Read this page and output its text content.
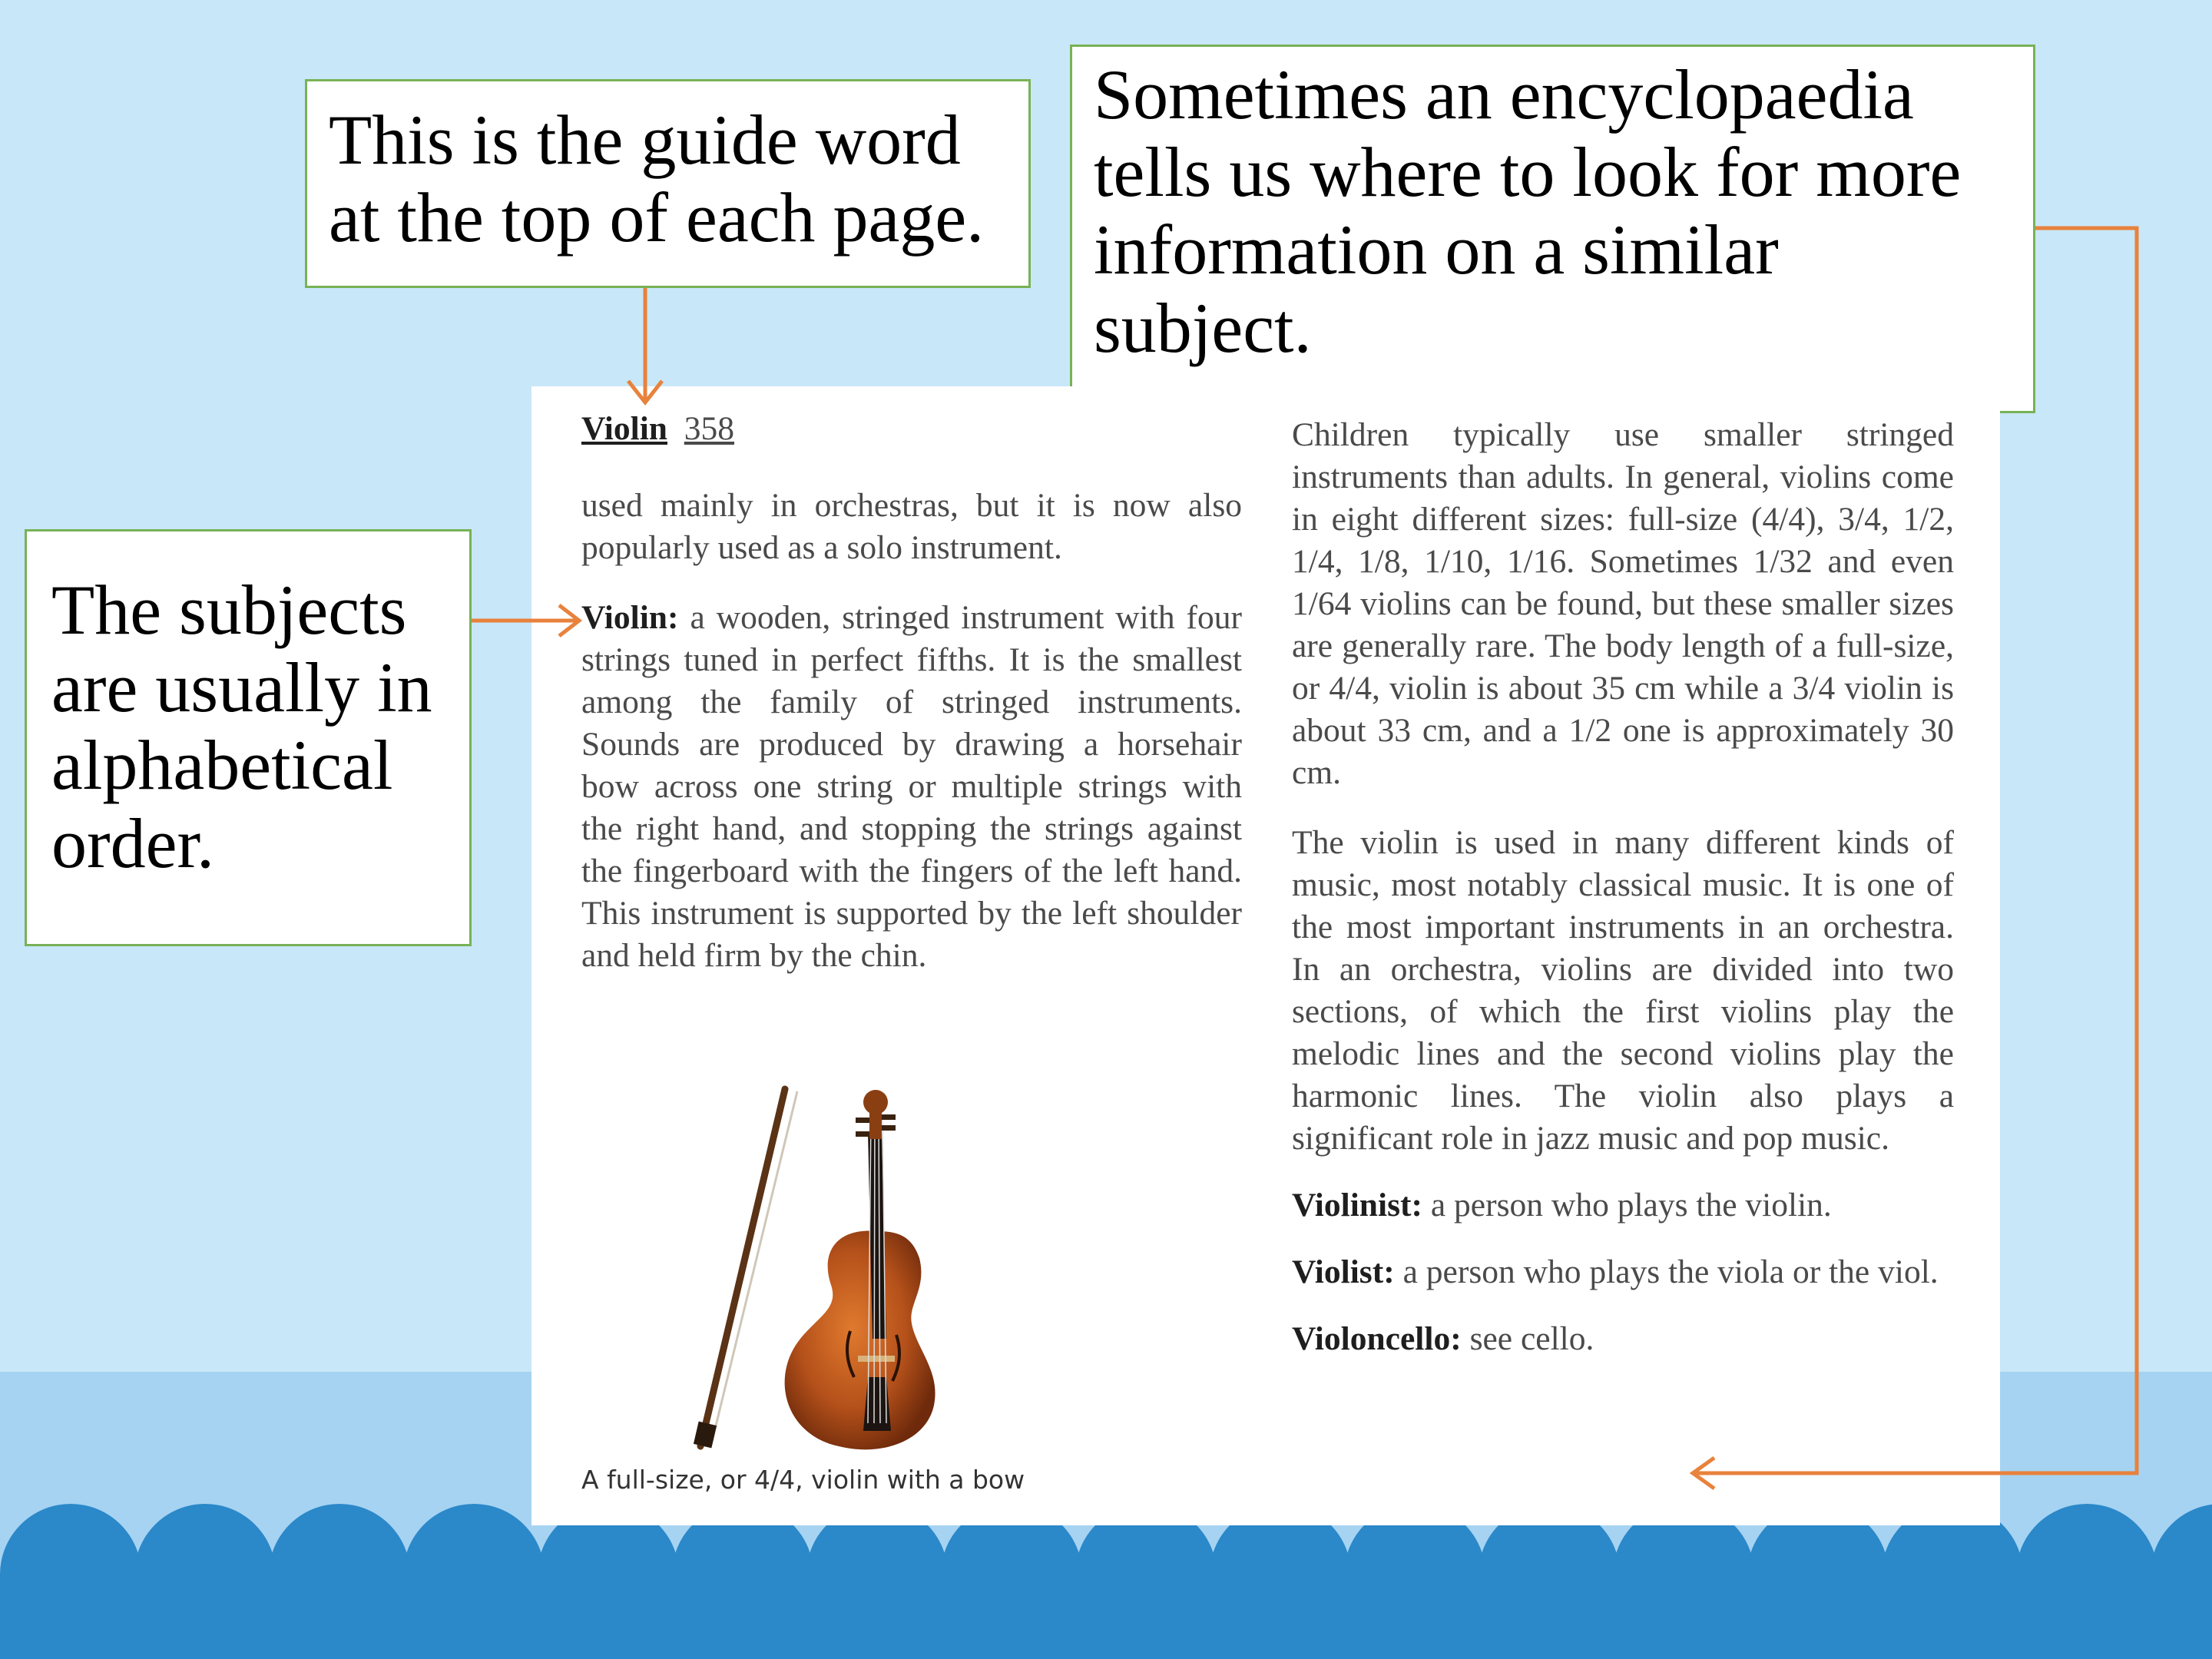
This is the guide word
at the top of each page.
Sometimes an encyclopaedia
tells us where to look for more
information on a similar
subject.
The subjects
are usually in
alphabetical
order.

Violin 358

used mainly in orchestras, but it is now also popularly used as a solo instrument.

Violin: a wooden, stringed instrument with four strings tuned in perfect fifths. It is the smallest among the family of stringed instruments. Sounds are produced by drawing a horsehair bow across one string or multiple strings with the right hand, and stopping the strings against the fingerboard with the fingers of the left hand. This instrument is supported by the left shoulder and held firm by the chin.

A full-size, or 4/4, violin with a bow

Children typically use smaller stringed instruments than adults. In general, violins come in eight different sizes: full-size (4/4), 3/4, 1/2, 1/4, 1/8, 1/10, 1/16. Sometimes 1/32 and even 1/64 violins can be found, but these smaller sizes are generally rare. The body length of a full-size, or 4/4, violin is about 35 cm while a 3/4 violin is about 33 cm, and a 1/2 one is approximately 30 cm.

The violin is used in many different kinds of music, most notably classical music. It is one of the most important instruments in an orchestra. In an orchestra, violins are divided into two sections, of which the first violins play the melodic lines and the second violins play the harmonic lines. The violin also plays a significant role in jazz music and pop music.

Violinist: a person who plays the violin.

Violist: a person who plays the viola or the viol.

Violoncello: see cello.
